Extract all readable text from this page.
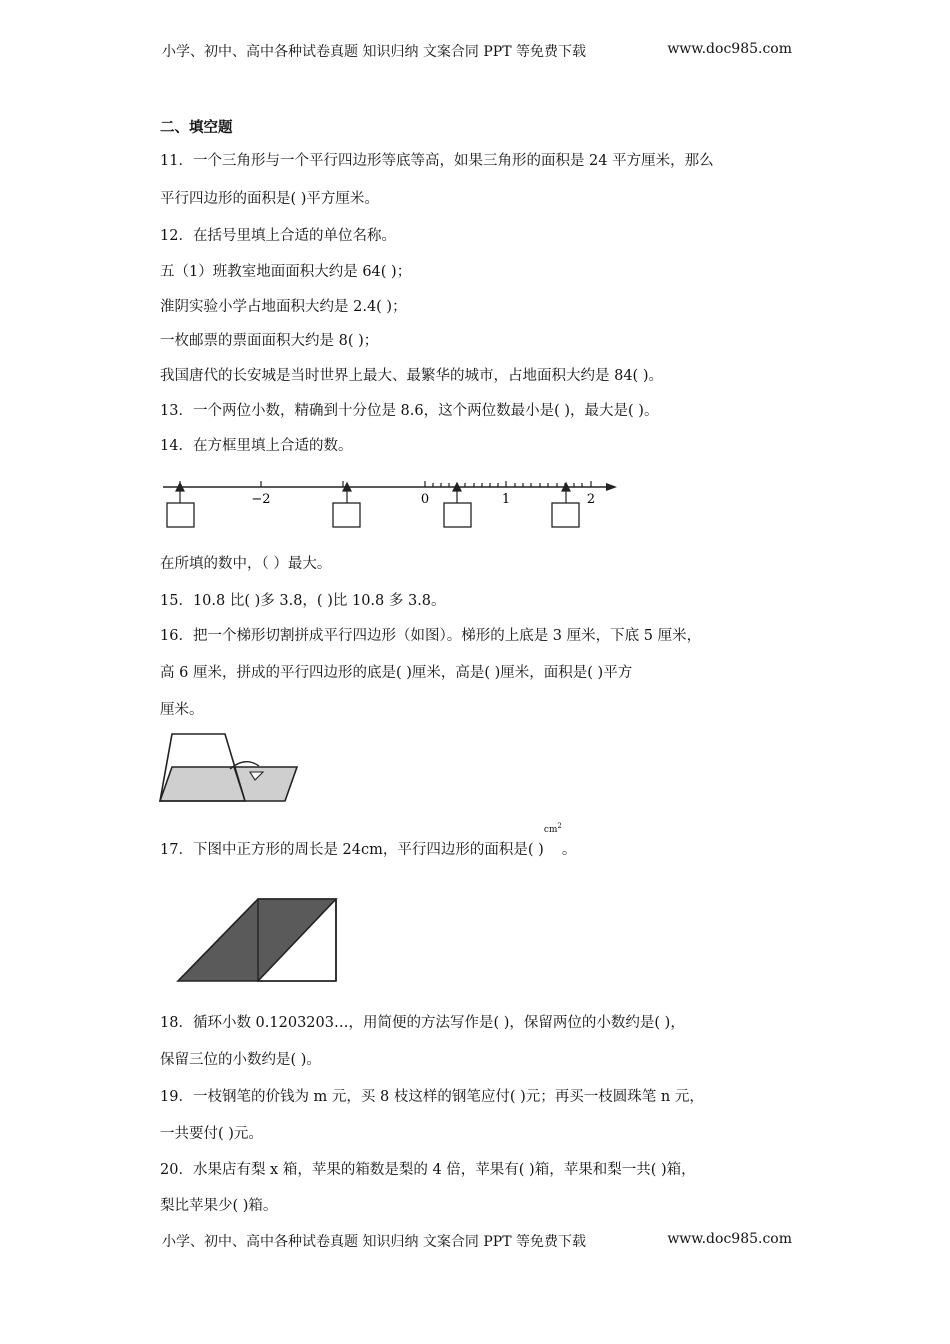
小学、初中、高中各种试卷真题 知识归纳 文案合同 PPT 等免费下载	www.doc985.com
二、填空题
11．一个三角形与一个平行四边形等底等高，如果三角形的面积是 24 平方厘米，那么
平行四边形的面积是( )平方厘米。
12．在括号里填上合适的单位名称。
五（1）班教室地面面积大约是 64( )；
淮阴实验小学占地面积大约是 2.4( )；
一枚邮票的票面面积大约是 8( )；
我国唐代的长安城是当时世界上最大、最繁华的城市，占地面积大约是 84( )。
13．一个两位小数，精确到十分位是 8.6，这个两位数最小是( )，最大是( )。
14．在方框里填上合适的数。
−2	0	1	2
在所填的数中，（ ）最大。
15．10.8 比( )多 3.8，( )比 10.8 多 3.8。
16．把一个梯形切割拼成平行四边形（如图）。梯形的上底是 3 厘米，下底 5 厘米，
高 6 厘米，拼成的平行四边形的底是( )厘米，高是( )厘米，面积是( )平方
厘米。
17．下图中正方形的周长是 24cm，平行四边形的面积是( )$^{cm^2}$。
18．循环小数 0.1203203…，用简便的方法写作是( )，保留两位的小数约是( )，
保留三位的小数约是( )。
19．一枝钢笔的价钱为 m 元，买 8 枝这样的钢笔应付( )元；再买一枝圆珠笔 n 元，
一共要付( )元。
20．水果店有梨 x 箱，苹果的箱数是梨的 4 倍，苹果有( )箱，苹果和梨一共( )箱，
梨比苹果少( )箱。
小学、初中、高中各种试卷真题 知识归纳 文案合同 PPT 等免费下载	www.doc985.com
